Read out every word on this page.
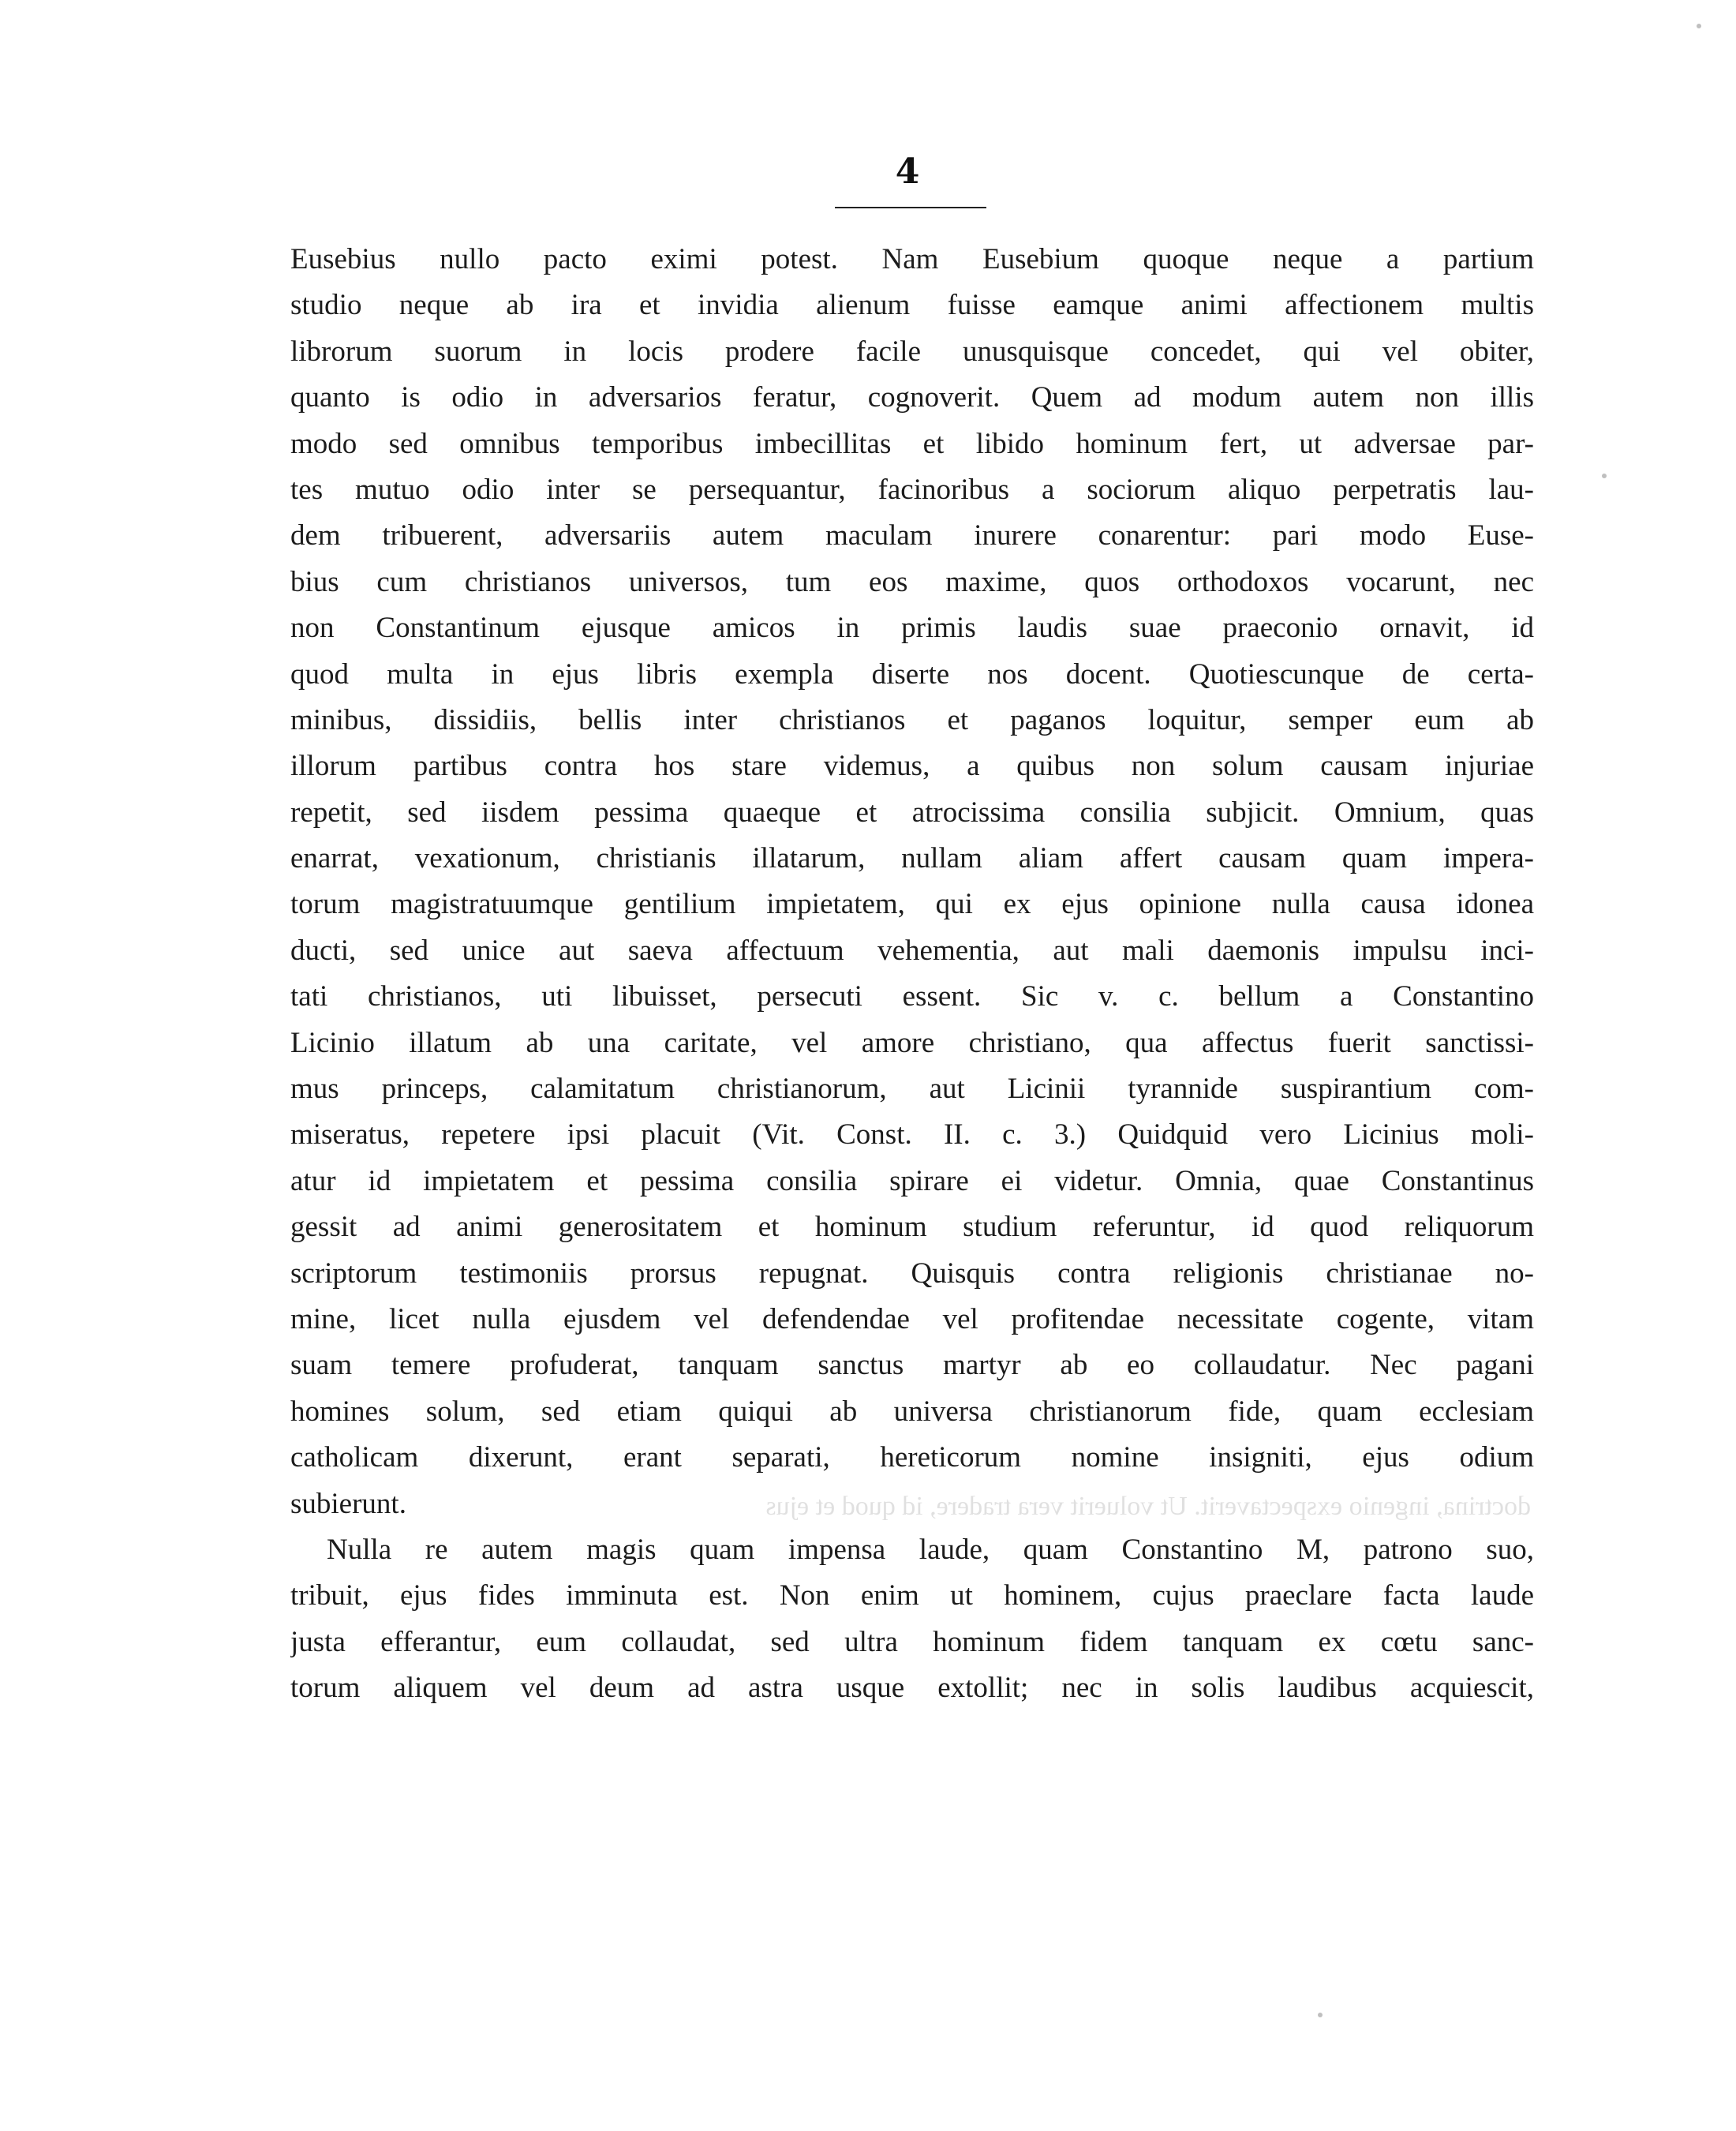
4
Eusebius nullo pacto eximi potest. Nam Eusebium quoque neque a partium
studio neque ab ira et invidia alienum fuisse eamque animi affectionem multis
librorum suorum in locis prodere facile unusquisque concedet, qui vel obiter,
quanto is odio in adversarios feratur, cognoverit. Quem ad modum autem non illis
modo sed omnibus temporibus imbecillitas et libido hominum fert, ut adversae par-
tes mutuo odio inter se persequantur, facinoribus a sociorum aliquo perpetratis lau-
dem tribuerent, adversariis autem maculam inurere conarentur: pari modo Euse-
bius cum christianos universos, tum eos maxime, quos orthodoxos vocarunt, nec
non Constantinum ejusque amicos in primis laudis suae praeconio ornavit, id
quod multa in ejus libris exempla diserte nos docent. Quotiescunque de certa-
minibus, dissidiis, bellis inter christianos et paganos loquitur, semper eum ab
illorum partibus contra hos stare videmus, a quibus non solum causam injuriae
repetit, sed iisdem pessima quaeque et atrocissima consilia subjicit. Omnium, quas
enarrat, vexationum, christianis illatarum, nullam aliam affert causam quam impera-
torum magistratuumque gentilium impietatem, qui ex ejus opinione nulla causa idonea
ducti, sed unice aut saeva affectuum vehementia, aut mali daemonis impulsu inci-
tati christianos, uti libuisset, persecuti essent. Sic v. c. bellum a Constantino
Licinio illatum ab una caritate, vel amore christiano, qua affectus fuerit sanctissi-
mus princeps, calamitatum christianorum, aut Licinii tyrannide suspirantium com-
miseratus, repetere ipsi placuit (Vit. Const. II. c. 3.) Quidquid vero Licinius moli-
atur id impietatem et pessima consilia spirare ei videtur. Omnia, quae Constantinus
gessit ad animi generositatem et hominum studium referuntur, id quod reliquorum
scriptorum testimoniis prorsus repugnat. Quisquis contra religionis christianae no-
mine, licet nulla ejusdem vel defendendae vel profitendae necessitate cogente, vitam
suam temere profuderat, tanquam sanctus martyr ab eo collaudatur. Nec pagani
homines solum, sed etiam quiqui ab universa christianorum fide, quam ecclesiam
catholicam dixerunt, erant separati, hereticorum nomine insigniti, ejus odium
subierunt.
Nulla re autem magis quam impensa laude, quam Constantino M, patrono suo,
tribuit, ejus fides imminuta est. Non enim ut hominem, cujus praeclare facta laude
justa efferantur, eum collaudat, sed ultra hominum fidem tanquam ex cœtu sanc-
torum aliquem vel deum ad astra usque extollit; nec in solis laudibus acquiescit,
doctrina, ingenio exspectaverit. Ut voluerit vera tradere, id quod et ejus
